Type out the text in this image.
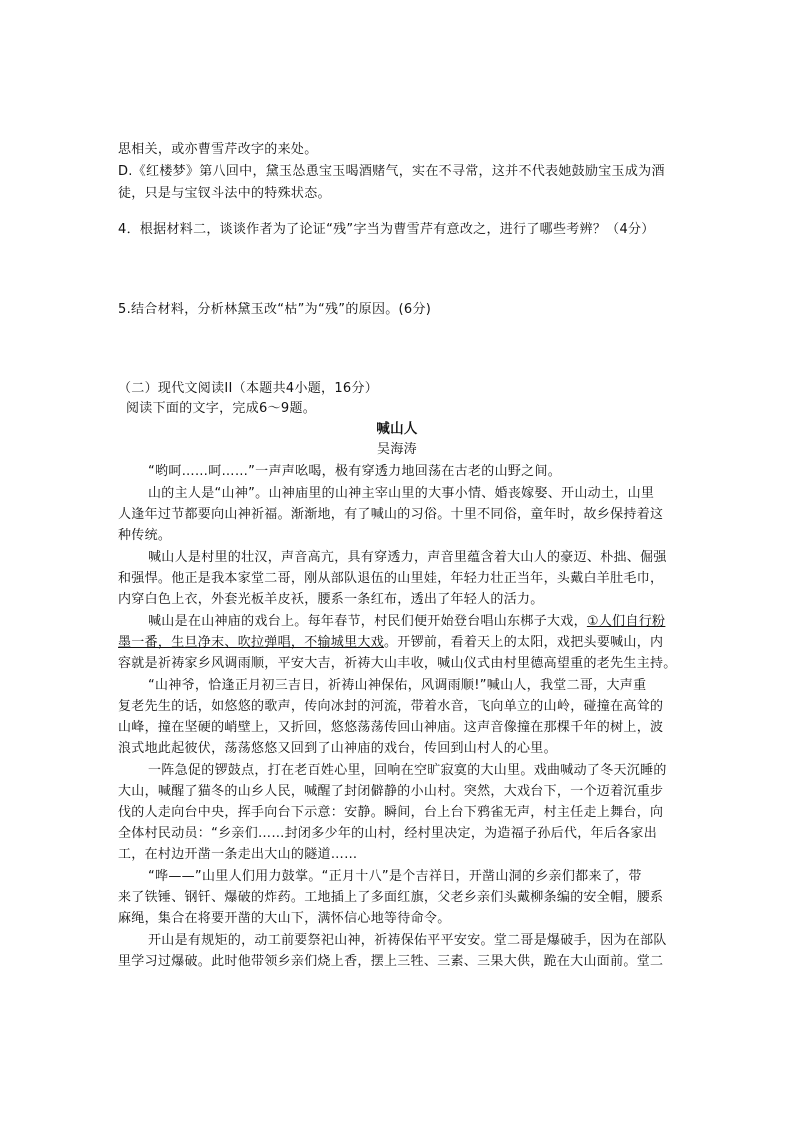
思相关，或亦曹雪芹改字的来处。
D.《红楼梦》第八回中，黛玉怂恿宝玉喝酒赌气，实在不寻常，这并不代表她鼓励宝玉成为酒
徒，只是与宝钗斗法中的特殊状态。
4．根据材料二，谈谈作者为了论证“残”字当为曹雪芹有意改之，进行了哪些考辨？（4分）
5.结合材料，分析林黛玉改“枯”为“残”的原因。(6分)
（二）现代文阅读II（本题共4小题，16分）
阅读下面的文字，完成6～9题。
喊山人
吴海涛
“哟呵……呵……”一声声吆喝，极有穿透力地回荡在古老的山野之间。
山的主人是“山神”。山神庙里的山神主宰山里的大事小情、婚丧嫁娶、开山动土，山里
人逢年过节都要向山神祈福。渐渐地，有了喊山的习俗。十里不同俗，童年时，故乡保持着这
种传统。
喊山人是村里的壮汉，声音高亢，具有穿透力，声音里蕴含着大山人的豪迈、朴拙、倔强
和强悍。他正是我本家堂二哥，刚从部队退伍的山里娃，年轻力壮正当年，头戴白羊肚毛巾，
内穿白色上衣，外套光板羊皮袄，腰系一条红布，透出了年轻人的活力。
喊山是在山神庙的戏台上。每年春节，村民们便开始登台唱山东梆子大戏，①人们自行粉
墨一番，生旦净末、吹拉弹唱，不输城里大戏。开锣前，看着天上的太阳，戏把头要喊山，内
容就是祈祷家乡风调雨顺，平安大吉，祈祷大山丰收，喊山仪式由村里德高望重的老先生主持。
“山神爷，恰逢正月初三吉日，祈祷山神保佑，风调雨顺!”喊山人，我堂二哥，大声重
复老先生的话，如悠悠的歌声，传向冰封的河流，带着水音，飞向单立的山岭，碰撞在高耸的
山峰，撞在坚硬的峭壁上，又折回，悠悠荡荡传回山神庙。这声音像撞在那棵千年的树上，波
浪式地此起彼伏，荡荡悠悠又回到了山神庙的戏台，传回到山村人的心里。
一阵急促的锣鼓点，打在老百姓心里，回响在空旷寂寞的大山里。戏曲喊动了冬天沉睡的
大山，喊醒了猫冬的山乡人民，喊醒了封闭僻静的小山村。突然，大戏台下，一个迈着沉重步
伐的人走向台中央，挥手向台下示意：安静。瞬间，台上台下鸦雀无声，村主任走上舞台，向
全体村民动员：“乡亲们……封闭多少年的山村，经村里决定，为造福子孙后代，年后各家出
工，在村边开凿一条走出大山的隧道……
“哗——”山里人们用力鼓掌。“正月十八”是个吉祥日，开凿山洞的乡亲们都来了，带
来了铁锤、钢钎、爆破的炸药。工地插上了多面红旗，父老乡亲们头戴柳条编的安全帽，腰系
麻绳，集合在将要开凿的大山下，满怀信心地等待命令。
开山是有规矩的，动工前要祭祀山神，祈祷保佑平平安安。堂二哥是爆破手，因为在部队
里学习过爆破。此时他带领乡亲们烧上香，摆上三牲、三素、三果大供，跪在大山面前。堂二
